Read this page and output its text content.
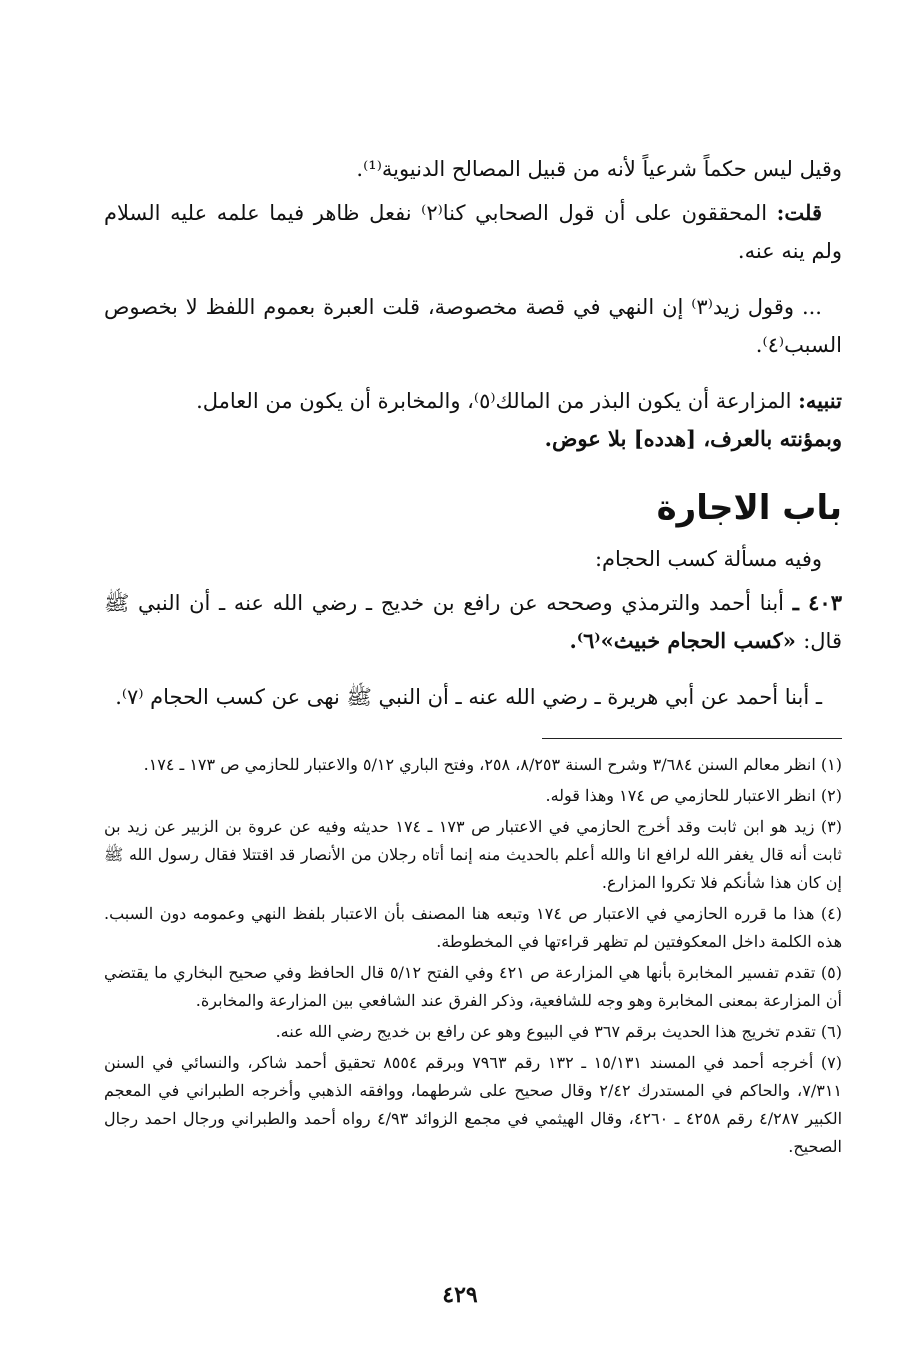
وقيل ليس حكماً شرعياً لأنه من قبيل المصالح الدنيوية⁽¹⁾.

قلت: المحققون على أن قول الصحابي كنا⁽٢⁾ نفعل ظاهر فيما علمه عليه السلام ولم ينه عنه.

... وقول زيد⁽٣⁾ إن النهي في قصة مخصوصة، قلت العبرة بعموم اللفظ لا بخصوص السبب⁽٤⁾.

تنبيه: المزارعة أن يكون البذر من المالك⁽٥⁾، والمخابرة أن يكون من العامل.
وبمؤنته بالعرف، [هدده] بلا عوض.

باب الاجارة

وفيه مسألة كسب الحجام:

٤٠٣ ـ أبنا أحمد والترمذي وصححه عن رافع بن خديج ـ رضي الله عنه ـ أن النبي ﷺ قال: «كسب الحجام خبيث»⁽٦⁾.

ـ أبنا أحمد عن أبي هريرة ـ رضي الله عنه ـ أن النبي ﷺ نهى عن كسب الحجام ⁽٧⁾.

(١) انظر معالم السنن ٣/٦٨٤ وشرح السنة ٨/٢٥٣، ٢٥٨، وفتح الباري ٥/١٢ والاعتبار للحازمي ص ١٧٣ ـ ١٧٤.

(٢) انظر الاعتبار للحازمي ص ١٧٤ وهذا قوله.

(٣) زيد هو ابن ثابت وقد أخرج الحازمي في الاعتبار ص ١٧٣ ـ ١٧٤ حديثه وفيه عن عروة بن الزبير عن زيد بن ثابت أنه قال يغفر الله لرافع انا والله أعلم بالحديث منه إنما أتاه رجلان من الأنصار قد اقتتلا فقال رسول الله ﷺ إن كان هذا شأنكم فلا تكروا المزارع.

(٤) هذا ما قرره الحازمي في الاعتبار ص ١٧٤ وتبعه هنا المصنف بأن الاعتبار بلفظ النهي وعمومه دون السبب. هذه الكلمة داخل المعكوفتين لم تظهر قراءتها في المخطوطة.

(٥) تقدم تفسير المخابرة بأنها هي المزارعة ص ٤٢١ وفي الفتح ٥/١٢ قال الحافظ وفي صحيح البخاري ما يقتضي أن المزارعة بمعنى المخابرة وهو وجه للشافعية، وذكر الفرق عند الشافعي بين المزارعة والمخابرة.

(٦) تقدم تخريج هذا الحديث برقم ٣٦٧ في البيوع وهو عن رافع بن خديج رضي الله عنه.

(٧) أخرجه أحمد في المسند ١٥/١٣١ ـ ١٣٢ رقم ٧٩٦٣ وبرقم ٨٥٥٤ تحقيق أحمد شاكر، والنسائي في السنن ٧/٣١١، والحاكم في المستدرك ٢/٤٢ وقال صحيح على شرطهما، ووافقه الذهبي وأخرجه الطبراني في المعجم الكبير ٤/٢٨٧ رقم ٤٢٥٨ ـ ٤٢٦٠، وقال الهيثمي في مجمع الزوائد ٤/٩٣ رواه أحمد والطبراني ورجال احمد رجال الصحيح.

٤٢٩
